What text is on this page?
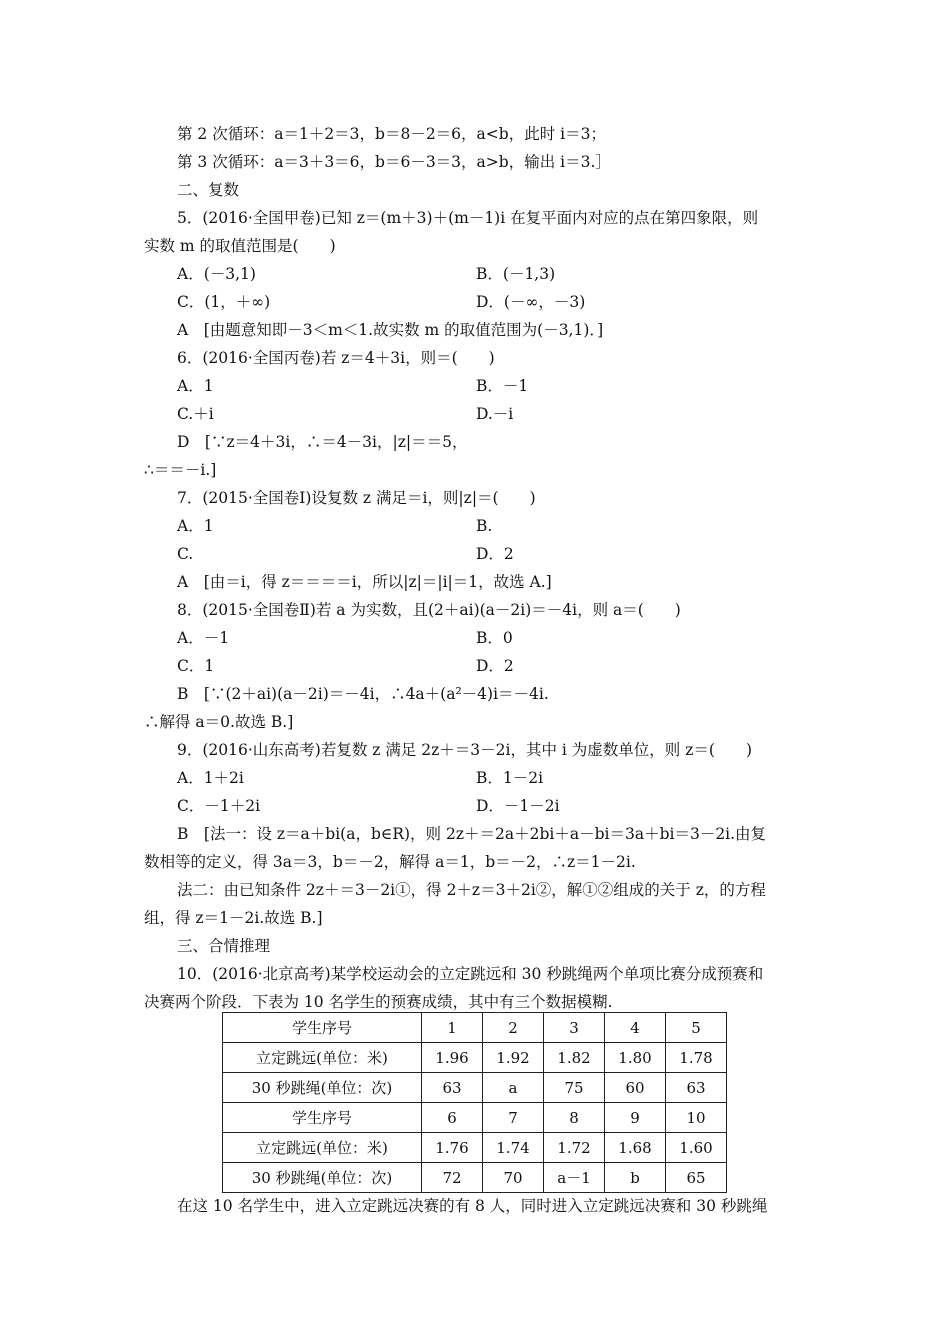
第 2 次循环：a＝1＋2＝3，b＝8－2＝6，a<b，此时 i＝3；
第 3 次循环：a＝3＋3＝6，b＝6－3＝3，a>b，输出 i＝3.］
二、复数
5．(2016·全国甲卷)已知 z＝(m＋3)＋(m－1)i 在复平面内对应的点在第四象限，则
实数 m 的取值范围是(　　)
A．(－3,1)	B．(－1,3)
C．(1，＋∞)	D．(－∞，－3)
A　[由题意知即－3＜m＜1.故实数 m 的取值范围为(－3,1)．]
6．(2016·全国丙卷)若 z＝4＋3i，则＝(　　)
A．1	B．－1
C.＋i	D.－i
D　[∵z＝4＋3i，∴＝4－3i，|z|＝＝5，
∴＝＝－i.]
7．(2015·全国卷Ⅰ)设复数 z 满足＝i，则|z|＝(　　)
A．1	B.
C.	D．2
A　[由＝i，得 z＝＝＝＝i，所以|z|＝|i|＝1，故选 A.]
8．(2015·全国卷Ⅱ)若 a 为实数，且(2＋ai)(a－2i)＝－4i，则 a＝(　　)
A．－1	B．0
C．1	D．2
B　[∵(2＋ai)(a－2i)＝－4i，∴4a＋(a²－4)i＝－4i.
∴解得 a＝0.故选 B.]
9．(2016·山东高考)若复数 z 满足 2z＋＝3－2i，其中 i 为虚数单位，则 z＝(　　)
A．1＋2i	B．1－2i
C．－1＋2i	D．－1－2i
B　[法一：设 z＝a＋bi(a，b∈R)，则 2z＋＝2a＋2bi＋a－bi＝3a＋bi＝3－2i.由复
数相等的定义，得 3a＝3，b＝－2，解得 a＝1，b＝－2，∴z＝1－2i.
法二：由已知条件 2z＋＝3－2i①，得 2＋z＝3＋2i②，解①②组成的关于 z，的方程
组，得 z＝1－2i.故选 B.]
三、合情推理
10．(2016·北京高考)某学校运动会的立定跳远和 30 秒跳绳两个单项比赛分成预赛和
决赛两个阶段．下表为 10 名学生的预赛成绩，其中有三个数据模糊.
学生序号	1	2	3	4	5
立定跳远(单位：米)	1.96	1.92	1.82	1.80	1.78
30 秒跳绳(单位：次)	63	a	75	60	63
学生序号	6	7	8	9	10
立定跳远(单位：米)	1.76	1.74	1.72	1.68	1.60
30 秒跳绳(单位：次)	72	70	a－1	b	65
在这 10 名学生中，进入立定跳远决赛的有 8 人，同时进入立定跳远决赛和 30 秒跳绳
